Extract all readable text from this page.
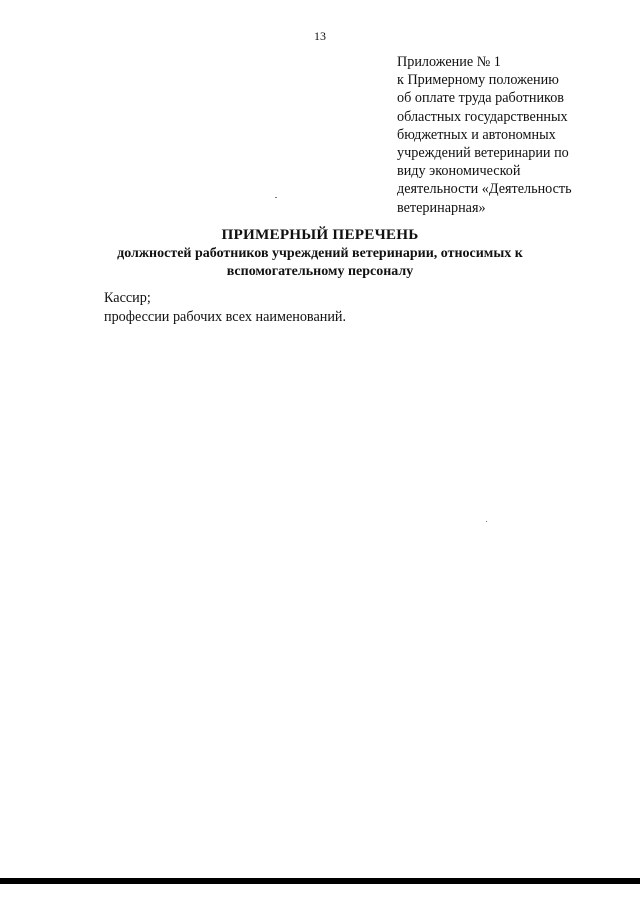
13
Приложение № 1
к Примерному положению
об оплате труда работников
областных государственных
бюджетных и автономных
учреждений ветеринарии по
виду экономической
деятельности «Деятельность
ветеринарная»
ПРИМЕРНЫЙ ПЕРЕЧЕНЬ
должностей работников учреждений ветеринарии, относимых к
вспомогательному персоналу
Кассир;
профессии рабочих всех наименований.
